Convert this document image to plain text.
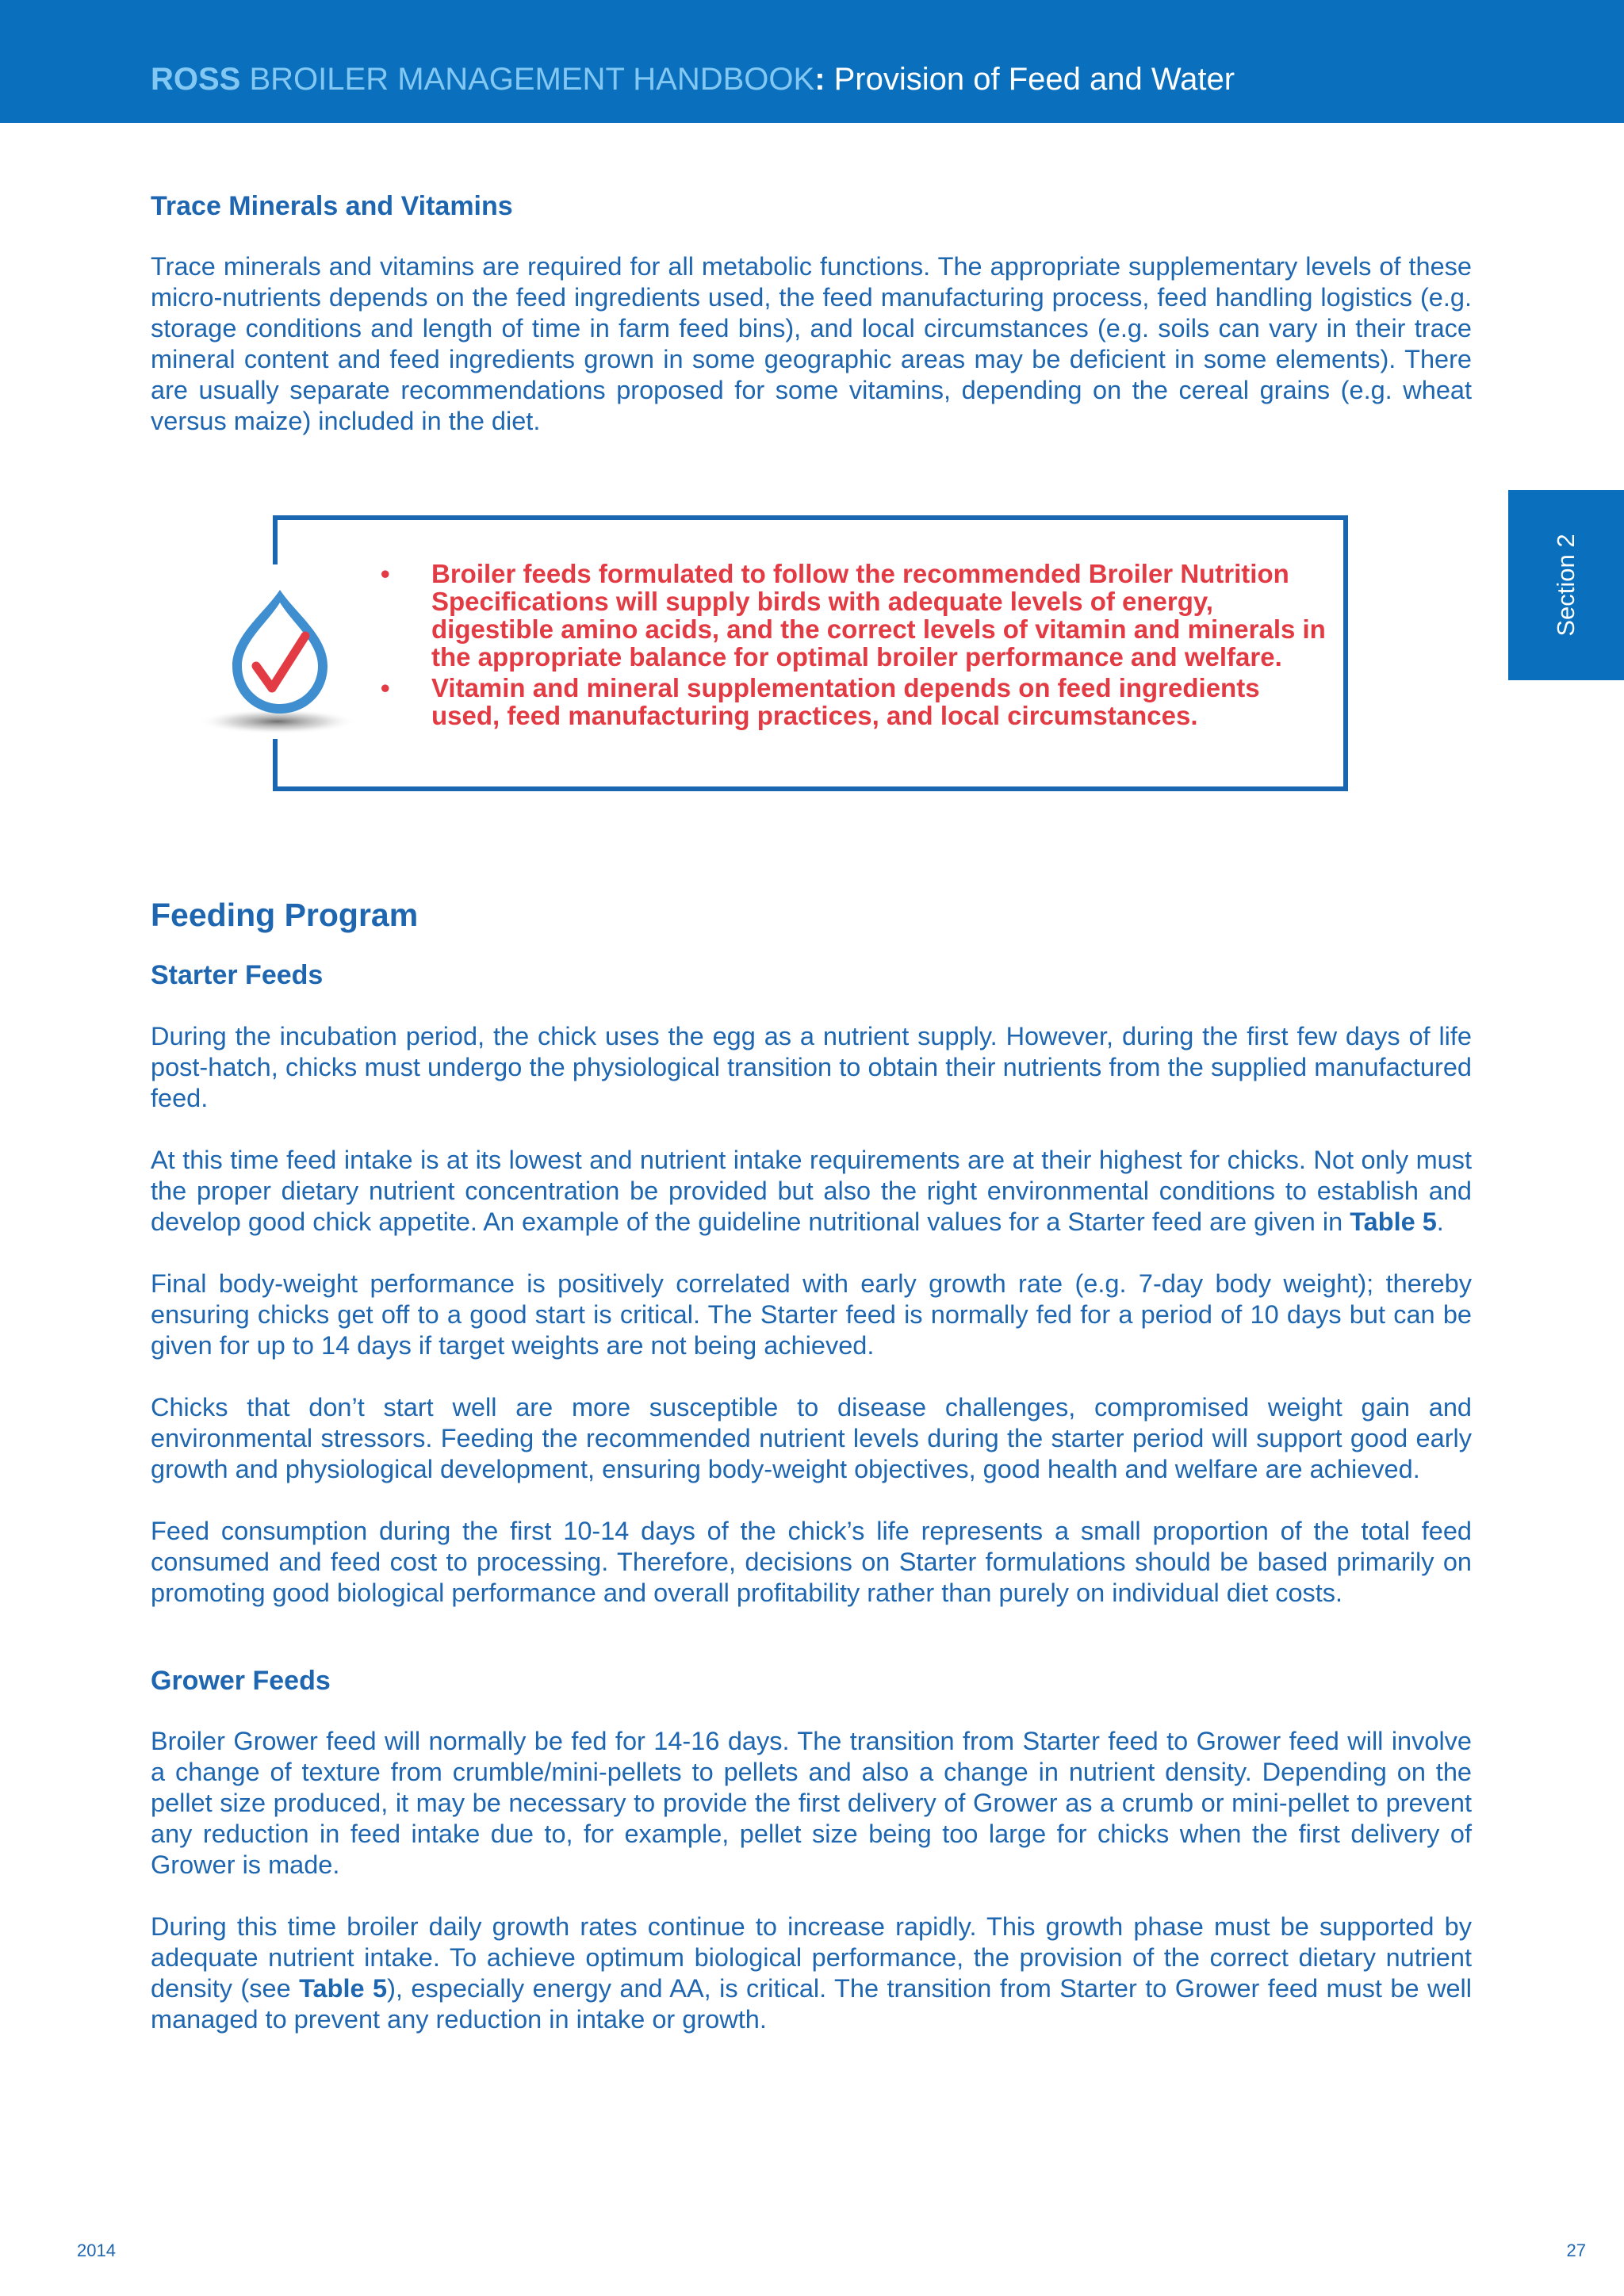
ROSS BROILER MANAGEMENT HANDBOOK: Provision of Feed and Water
Section 2
Trace Minerals and Vitamins

Trace minerals and vitamins are required for all metabolic functions. The appropriate supplementary levels of these micro-nutrients depends on the feed ingredients used, the feed manufacturing process, feed handling logistics (e.g. storage conditions and length of time in farm feed bins), and local circumstances (e.g. soils can vary in their trace mineral content and feed ingredients grown in some geographic areas may be deficient in some elements). There are usually separate recommendations proposed for some vitamins, depending on the cereal grains (e.g. wheat versus maize) included in the diet.

• Broiler feeds formulated to follow the recommended Broiler Nutrition Specifications will supply birds with adequate levels of energy, digestible amino acids, and the correct levels of vitamin and minerals in the appropriate balance for optimal broiler performance and welfare.
• Vitamin and mineral supplementation depends on feed ingredients used, feed manufacturing practices, and local circumstances.
Feeding Program
Starter Feeds

During the incubation period, the chick uses the egg as a nutrient supply. However, during the first few days of life post-hatch, chicks must undergo the physiological transition to obtain their nutrients from the supplied manufactured feed.

At this time feed intake is at its lowest and nutrient intake requirements are at their highest for chicks. Not only must the proper dietary nutrient concentration be provided but also the right environmental conditions to establish and develop good chick appetite. An example of the guideline nutritional values for a Starter feed are given in Table 5.

Final body-weight performance is positively correlated with early growth rate (e.g. 7-day body weight); thereby ensuring chicks get off to a good start is critical. The Starter feed is normally fed for a period of 10 days but can be given for up to 14 days if target weights are not being achieved.

Chicks that don’t start well are more susceptible to disease challenges, compromised weight gain and environmental stressors. Feeding the recommended nutrient levels during the starter period will support good early growth and physiological development, ensuring body-weight objectives, good health and welfare are achieved.

Feed consumption during the first 10-14 days of the chick’s life represents a small proportion of the total feed consumed and feed cost to processing. Therefore, decisions on Starter formulations should be based primarily on promoting good biological performance and overall profitability rather than purely on individual diet costs.

Grower Feeds

Broiler Grower feed will normally be fed for 14-16 days. The transition from Starter feed to Grower feed will involve a change of texture from crumble/mini-pellets to pellets and also a change in nutrient density. Depending on the pellet size produced, it may be necessary to provide the first delivery of Grower as a crumb or mini-pellet to prevent any reduction in feed intake due to, for example, pellet size being too large for chicks when the first delivery of Grower is made.

During this time broiler daily growth rates continue to increase rapidly. This growth phase must be supported by adequate nutrient intake. To achieve optimum biological performance, the provision of the correct dietary nutrient density (see Table 5), especially energy and AA, is critical. The transition from Starter to Grower feed must be well managed to prevent any reduction in intake or growth.

2014	27
